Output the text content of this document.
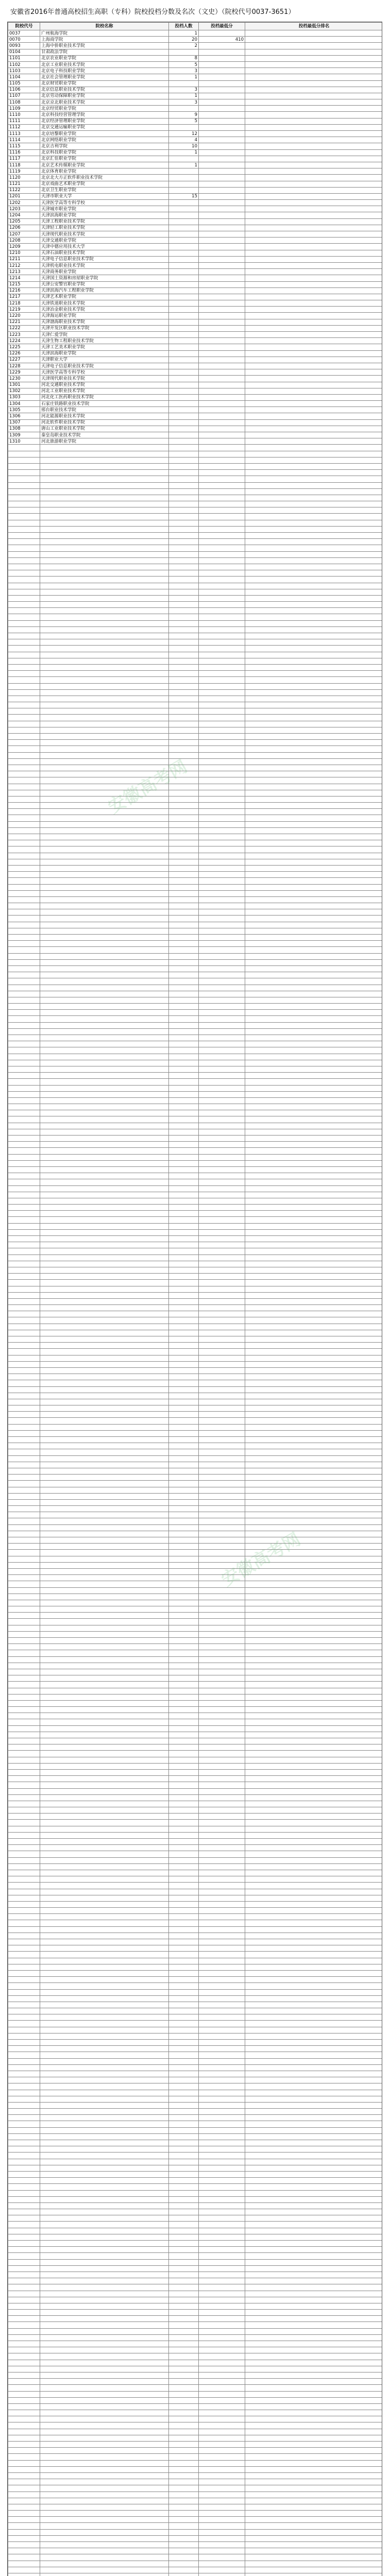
安徽省2016年普通高校招生高职（专科）院校投档分数及名次（文史）（院校代号0037-3651）
院校代号	院校名称	投档人数	投档最低分	投档最低分排名
0037	广州航海学院	1		
0070	上海商学院	20	410	
0093	上海中侨职业技术学院	2		
0104	甘肃政法学院			
1101	北京农业职业学院	8		
1102	北京工业职业技术学院	5		
1103	北京电子科技职业学院	3		
1104	北京社会管理职业学院	1		
1105	北京财贸职业学院			
1106	北京信息职业技术学院	3		
1107	北京劳动保障职业学院	1		
1108	北京京北职业技术学院	3		
1109	北京经贸职业学院			
1110	北京科技经营管理学院	9		
1111	北京经济管理职业学院	5		
1112	北京交通运输职业学院			
1113	北京培黎职业学院	12		
1114	北京网络职业学院	4		
1115	北京吉利学院	10		
1116	北京科技职业学院	1		
1117	北京汇佳职业学院			
1118	北京艺术传媒职业学院	1		
1119	北京体育职业学院			
1120	北京北大方正软件职业技术学院			
1121	北京戏曲艺术职业学院			
1122	北京卫生职业学院			
1201	天津市职业大学	15		
1202	天津医学高等专科学校			
1203	天津城市职业学院			
1204	天津滨海职业学院			
1205	天津工程职业技术学院			
1206	天津轻工职业技术学院			
1207	天津现代职业技术学院			
1208	天津交通职业学院			
1209	天津中德应用技术大学			
1210	天津石油职业技术学院			
1211	天津电子信息职业技术学院			
1212	天津机电职业技术学院			
1213	天津商务职业学院			
1214	天津国土资源和房屋职业学院			
1215	天津公安警官职业学院			
1216	天津滨海汽车工程职业学院			
1217	天津艺术职业学院			
1218	天津铁道职业技术学院			
1219	天津冶金职业技术学院			
1220	天津海运职业学院			
1221	天津渤海职业技术学院			
1222	天津开发区职业技术学院			
1223	天津仁爱学院			
1224	天津生物工程职业技术学院			
1225	天津工艺美术职业学院			
1226	天津滨海职业学院			
1227	天津职业大学			
1228	天津电子信息职业技术学院			
1229	天津医学高等专科学校			
1230	天津现代职业技术学院			
1301	河北交通职业技术学院			
1302	河北工业职业技术学院			
1303	河北化工医药职业技术学院			
1304	石家庄铁路职业技术学院			
1305	邢台职业技术学院			
1306	河北能源职业技术学院			
1307	河北软件职业技术学院			
1308	唐山工业职业技术学院			
1309	秦皇岛职业技术学院			
1310	河北旅游职业学院			

安徽高考网
安徽高考网
